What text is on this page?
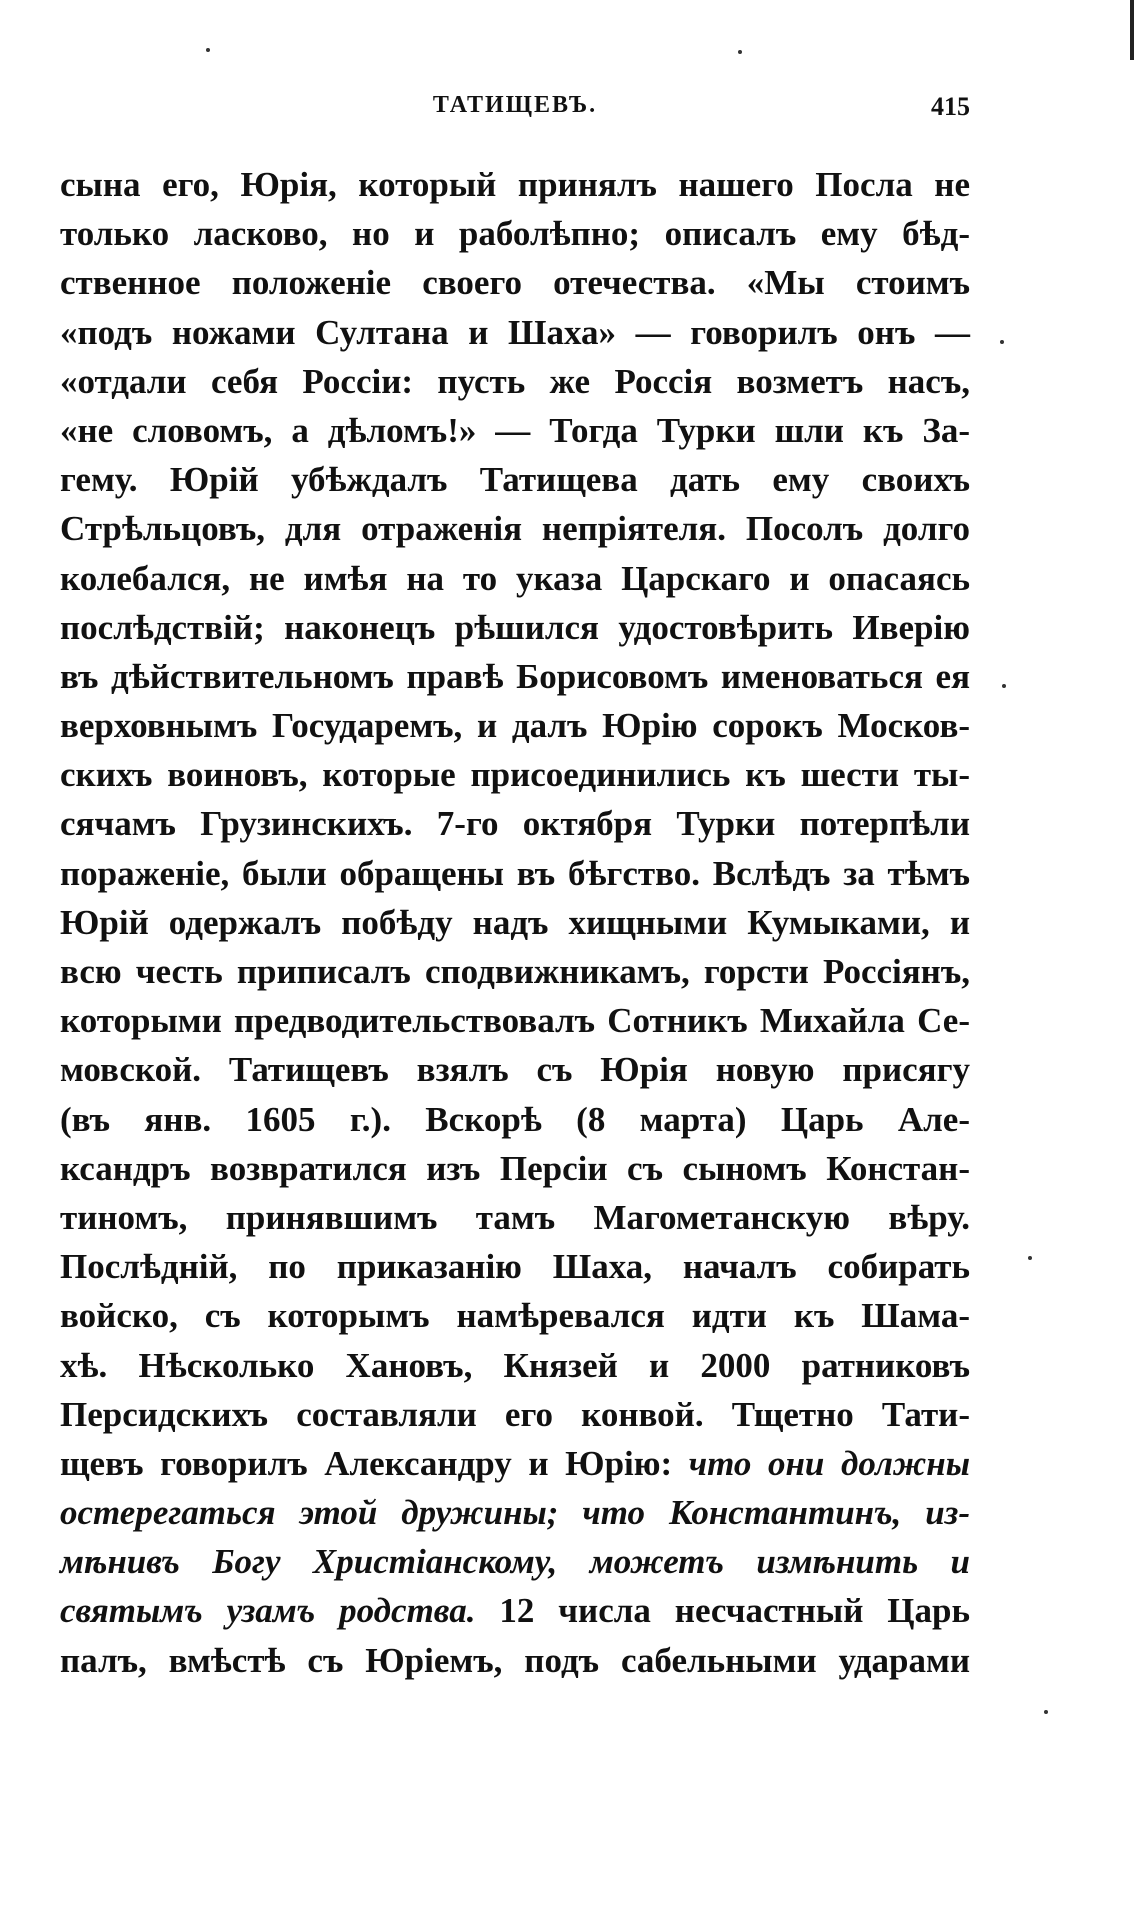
ТАТИЩЕВЪ.	415
сына его, Юрія, который принялъ нашего Посла не
только ласково, но и раболѣпно; описалъ ему бѣд-
ственное положеніе своего отечества. «Мы стоимъ
«подъ ножами Султана и Шаха» — говорилъ онъ —
«отдали себя Россіи: пусть же Россія возметъ насъ,
«не словомъ, а дѣломъ!» — Тогда Турки шли къ За-
гему. Юрій убѣждалъ Татищева дать ему своихъ
Стрѣльцовъ, для отраженія непріятеля. Посолъ долго
колебался, не имѣя на то указа Царскаго и опасаясь
послѣдствій; наконецъ рѣшился удостовѣрить Иверію
въ дѣйствительномъ правѣ Борисовомъ именоваться ея
верховнымъ Государемъ, и далъ Юрію сорокъ Москов-
скихъ воиновъ, которые присоединились къ шести ты-
сячамъ Грузинскихъ. 7-го октября Турки потерпѣли
пораженіе, были обращены въ бѣгство. Вслѣдъ за тѣмъ
Юрій одержалъ побѣду надъ хищными Кумыками, и
всю честь приписалъ сподвижникамъ, горсти Россіянъ,
которыми предводительствовалъ Сотникъ Михайла Се-
мовской. Татищевъ взялъ съ Юрія новую присягу
(въ янв. 1605 г.). Вскорѣ (8 марта) Царь Але-
ксандръ возвратился изъ Персіи съ сыномъ Констан-
тиномъ, принявшимъ тамъ Магометанскую вѣру.
Послѣдній, по приказанію Шаха, началъ собирать
войско, съ которымъ намѣревался идти къ Шама-
хѣ. Нѣсколько Хановъ, Князей и 2000 ратниковъ
Персидскихъ составляли его конвой. Тщетно Тати-
щевъ говорилъ Александру и Юрію: что они должны
остерегаться этой дружины; что Константинъ, из-
мѣнивъ Богу Христіанскому, можетъ измѣнить и
святымъ узамъ родства. 12 числа несчастный Царь
палъ, вмѣстѣ съ Юріемъ, подъ сабельными ударами
